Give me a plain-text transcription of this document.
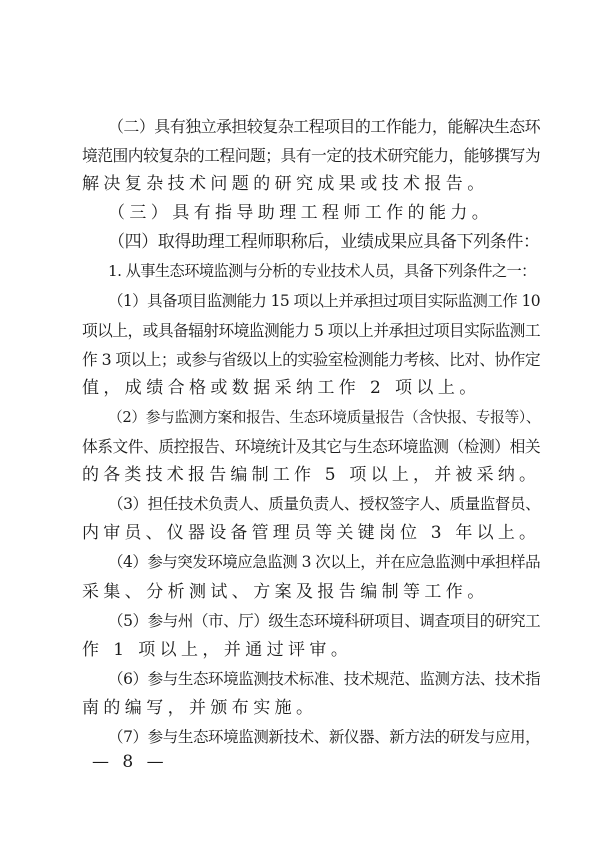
（二）具有独立承担较复杂工程项目的工作能力，能解决生态环
境范围内较复杂的工程问题；具有一定的技术研究能力，能够撰写为
解决复杂技术问题的研究成果或技术报告。
（三）具有指导助理工程师工作的能力。
（四）取得助理工程师职称后，业绩成果应具备下列条件：
1. 从事生态环境监测与分析的专业技术人员，具备下列条件之一：
（1）具备项目监测能力 15 项以上并承担过项目实际监测工作 10
项以上，或具备辐射环境监测能力 5 项以上并承担过项目实际监测工
作 3 项以上；或参与省级以上的实验室检测能力考核、比对、协作定
值，成绩合格或数据采纳工作 2 项以上。
（2）参与监测方案和报告、生态环境质量报告（含快报、专报等）、
体系文件、质控报告、环境统计及其它与生态环境监测（检测）相关
的各类技术报告编制工作 5 项以上，并被采纳。
（3）担任技术负责人、质量负责人、授权签字人、质量监督员、
内审员、仪器设备管理员等关键岗位 3 年以上。
（4）参与突发环境应急监测 3 次以上，并在应急监测中承担样品
采集、分析测试、方案及报告编制等工作。
（5）参与州（市、厅）级生态环境科研项目、调查项目的研究工
作 1 项以上，并通过评审。
（6）参与生态环境监测技术标准、技术规范、监测方法、技术指
南的编写，并颁布实施。
（7）参与生态环境监测新技术、新仪器、新方法的研发与应用，
— 8 —
